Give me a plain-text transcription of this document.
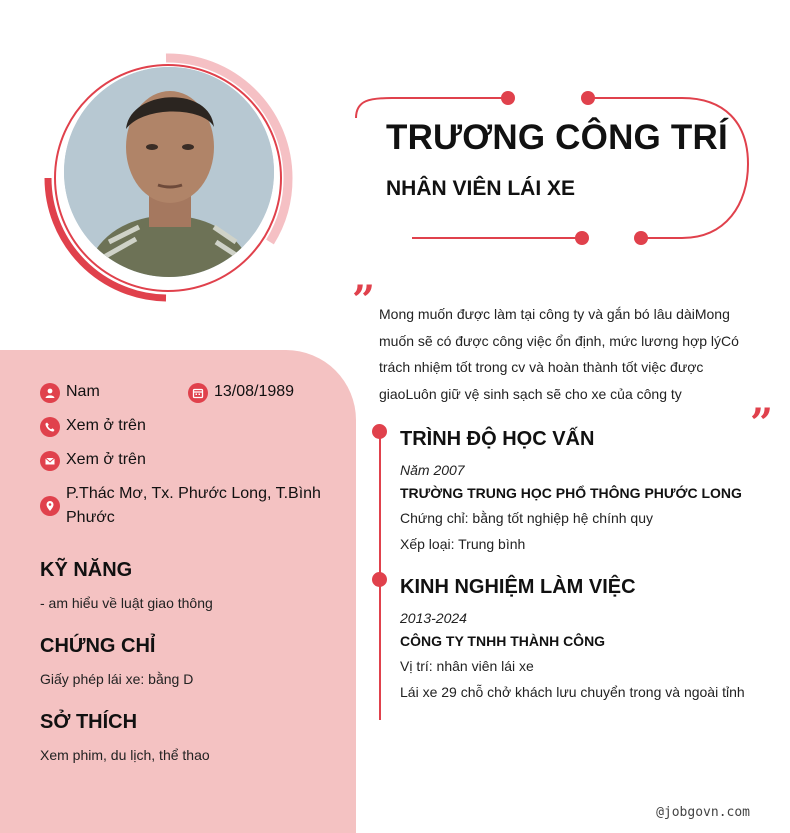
TRƯƠNG CÔNG TRÍ
NHÂN VIÊN LÁI XE
” Mong muốn được làm tại công ty và gắn bó lâu dàiMong muốn sẽ có được công việc ổn định, mức lương hợp lýCó trách nhiệm tốt trong cv và hoàn thành tốt việc được giaoLuôn giữ vệ sinh sạch sẽ cho xe của công ty
”
Nam	13/08/1989
Xem ở trên
Xem ở trên
P.Thác Mơ, Tx. Phước Long, T.Bình Phước
KỸ NĂNG
- am hiểu về luật giao thông
CHỨNG CHỈ
Giấy phép lái xe: bằng D
SỞ THÍCH
Xem phim, du lịch, thể thao
TRÌNH ĐỘ HỌC VẤN
Năm 2007
TRƯỜNG TRUNG HỌC PHỔ THÔNG PHƯỚC LONG
Chứng chỉ: bằng tốt nghiệp hệ chính quy
Xếp loại: Trung bình
KINH NGHIỆM LÀM VIỆC
2013-2024
CÔNG TY TNHH THÀNH CÔNG
Vị trí: nhân viên lái xe
Lái xe 29 chỗ chở khách lưu chuyển trong và ngoài tỉnh
@jobgovn.com
